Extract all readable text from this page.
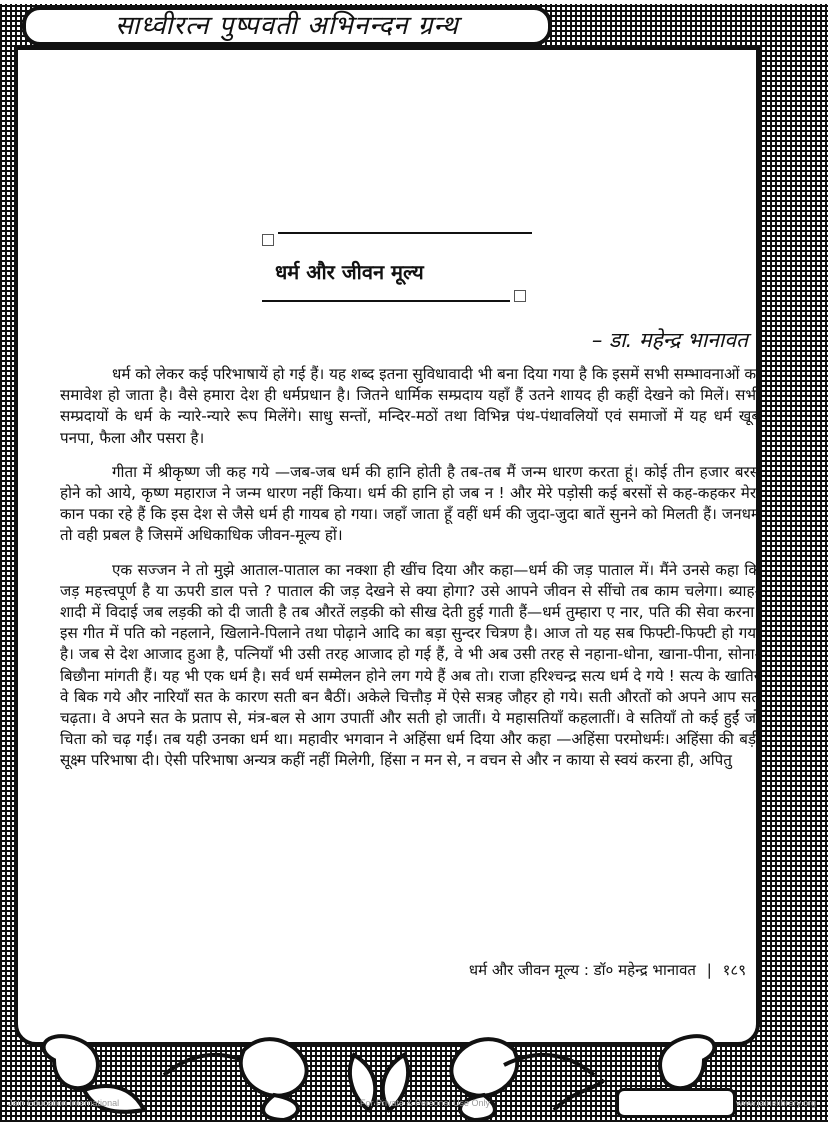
साध्वीरत्न पुष्पवती अभिनन्दन ग्रन्थ
धर्म और जीवन मूल्य
– डा. महेन्द्र भानावत

धर्म को लेकर कई परिभाषायें हो गई हैं। यह शब्द इतना सुविधावादी भी बना दिया गया है कि इसमें सभी सम्भावनाओं का समावेश हो जाता है। वैसे हमारा देश ही धर्मप्रधान है। जितने धार्मिक सम्प्रदाय यहाँ हैं उतने शायद ही कहीं देखने को मिलें। सभी सम्प्रदायों के धर्म के न्यारे-न्यारे रूप मिलेंगे। साधु सन्तों, मन्दिर-मठों तथा विभिन्न पंथ-पंथावलियों एवं समाजों में यह धर्म खूब पनपा, फैला और पसरा है।

गीता में श्रीकृष्ण जी कह गये —जब-जब धर्म की हानि होती है तब-तब मैं जन्म धारण करता हूं। कोई तीन हजार बरस होने को आये, कृष्ण महाराज ने जन्म धारण नहीं किया। धर्म की हानि हो जब न ! और मेरे पड़ोसी कई बरसों से कह-कहकर मेरा कान पका रहे हैं कि इस देश से जैसे धर्म ही गायब हो गया। जहाँ जाता हूँ वहीं धर्म की जुदा-जुदा बातें सुनने को मिलती हैं। जनधर्म तो वही प्रबल है जिसमें अधिकाधिक जीवन-मूल्य हों।

एक सज्जन ने तो मुझे आताल-पाताल का नक्शा ही खींच दिया और कहा—धर्म की जड़ पाताल में। मैंने उनसे कहा कि जड़ महत्त्वपूर्ण है या ऊपरी डाल पत्ते ? पाताल की जड़ देखने से क्या होगा? उसे आपने जीवन से सींचो तब काम चलेगा। ब्याह-शादी में विदाई जब लड़की को दी जाती है तब औरतें लड़की को सीख देती हुई गाती हैं—धर्म तुम्हारा ए नार, पति की सेवा करना। इस गीत में पति को नहलाने, खिलाने-पिलाने तथा पोढ़ाने आदि का बड़ा सुन्दर चित्रण है। आज तो यह सब फिफ्टी-फिफ्टी हो गया है। जब से देश आजाद हुआ है, पत्नियाँ भी उसी तरह आजाद हो गई हैं, वे भी अब उसी तरह से नहाना-धोना, खाना-पीना, सोना-बिछौना मांगती हैं। यह भी एक धर्म है। सर्व धर्म सम्मेलन होने लग गये हैं अब तो। राजा हरिश्चन्द्र सत्य धर्म दे गये ! सत्य के खातिर वे बिक गये और नारियाँ सत के कारण सती बन बैठीं। अकेले चित्तौड़ में ऐसे सत्रह जौहर हो गये। सती औरतों को अपने आप सत चढ़ता। वे अपने सत के प्रताप से, मंत्र-बल से आग उपातीं और सती हो जातीं। ये महासतियाँ कहलातीं। वे सतियाँ तो कई हुईं जो चिता को चढ़ गईं। तब यही उनका धर्म था। महावीर भगवान ने अहिंसा धर्म दिया और कहा —अहिंसा परमोधर्मः। अहिंसा की बड़ी सूक्ष्म परिभाषा दी। ऐसी परिभाषा अन्यत्र कहीं नहीं मिलेगी, हिंसा न मन से, न वचन से और न काया से स्वयं करना ही, अपितु

धर्म और जीवन मूल्य : डॉ० महेन्द्र भानावत | १८९
Jain Education International	For Private & Personal Use Only	www.jainelibrary.org
